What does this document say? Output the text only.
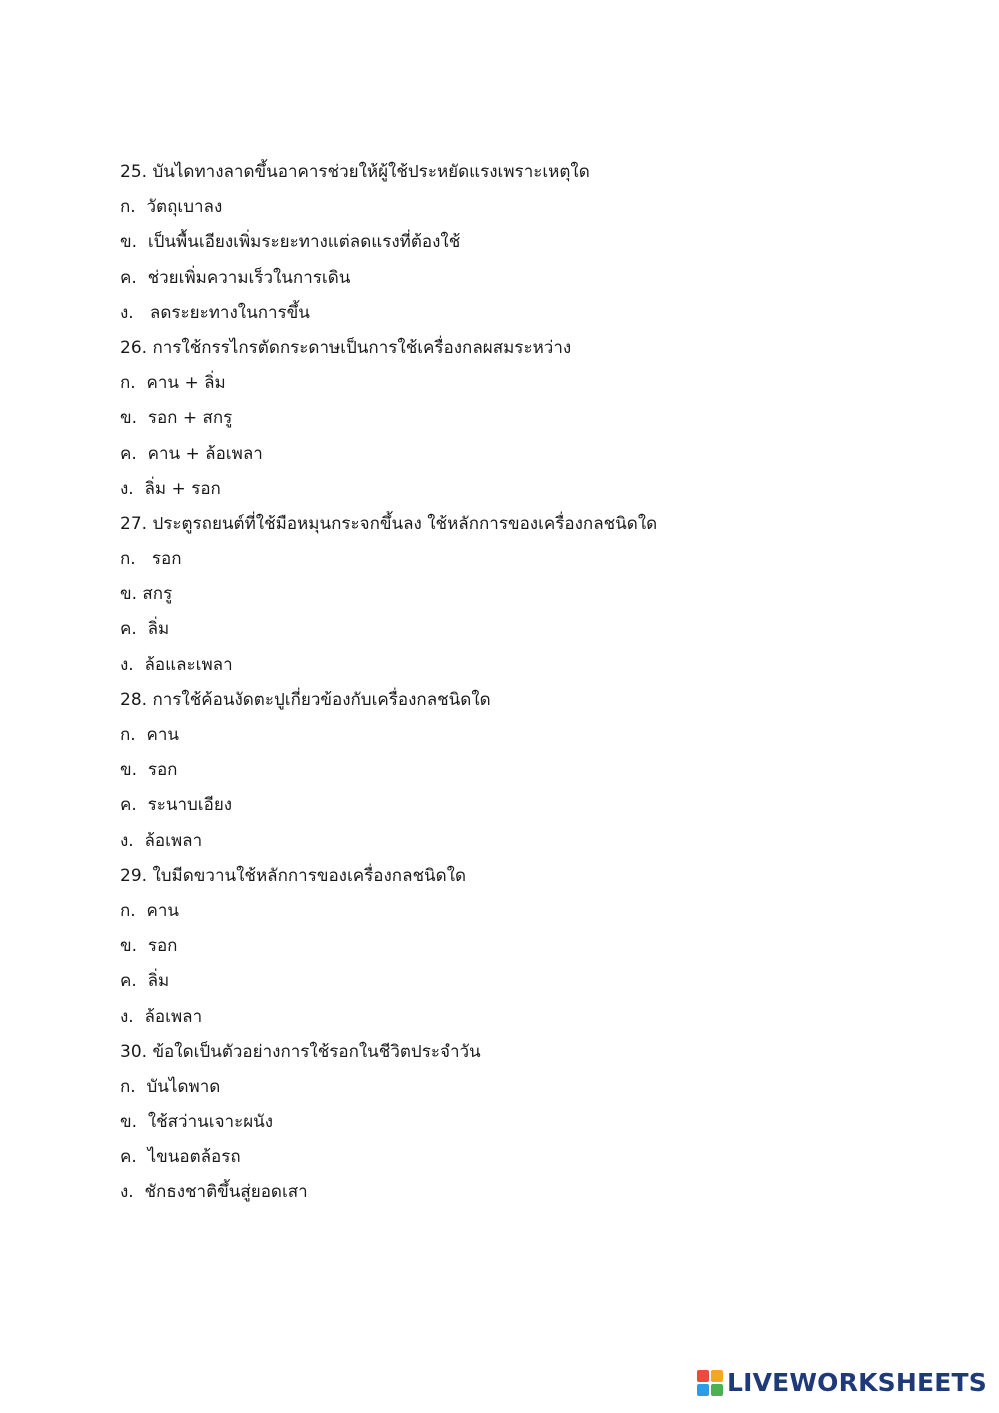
25. บันไดทางลาดขึ้นอาคารช่วยให้ผู้ใช้ประหยัดแรงเพราะเหตุใด
ก.  วัตถุเบาลง
ข.  เป็นพื้นเอียงเพิ่มระยะทางแต่ลดแรงที่ต้องใช้
ค.  ช่วยเพิ่มความเร็วในการเดิน
ง.   ลดระยะทางในการขึ้น
26. การใช้กรรไกรตัดกระดาษเป็นการใช้เครื่องกลผสมระหว่าง
ก.  คาน + ลิ่ม
ข.  รอก + สกรู
ค.  คาน + ล้อเพลา
ง.  ลิ่ม + รอก
27. ประตูรถยนต์ที่ใช้มือหมุนกระจกขึ้นลง ใช้หลักการของเครื่องกลชนิดใด
ก.   รอก
ข. สกรู
ค.  ลิ่ม
ง.  ล้อและเพลา
28. การใช้ค้อนงัดตะปูเกี่ยวข้องกับเครื่องกลชนิดใด
ก.  คาน
ข.  รอก
ค.  ระนาบเอียง
ง.  ล้อเพลา
29. ใบมีดขวานใช้หลักการของเครื่องกลชนิดใด
ก.  คาน
ข.  รอก
ค.  ลิ่ม
ง.  ล้อเพลา
30. ข้อใดเป็นตัวอย่างการใช้รอกในชีวิตประจำวัน
ก.  บันไดพาด
ข.  ใช้สว่านเจาะผนัง
ค.  ไขนอตล้อรถ
ง.  ชักธงชาติขึ้นสู่ยอดเสา
LIVEWORKSHEETS
